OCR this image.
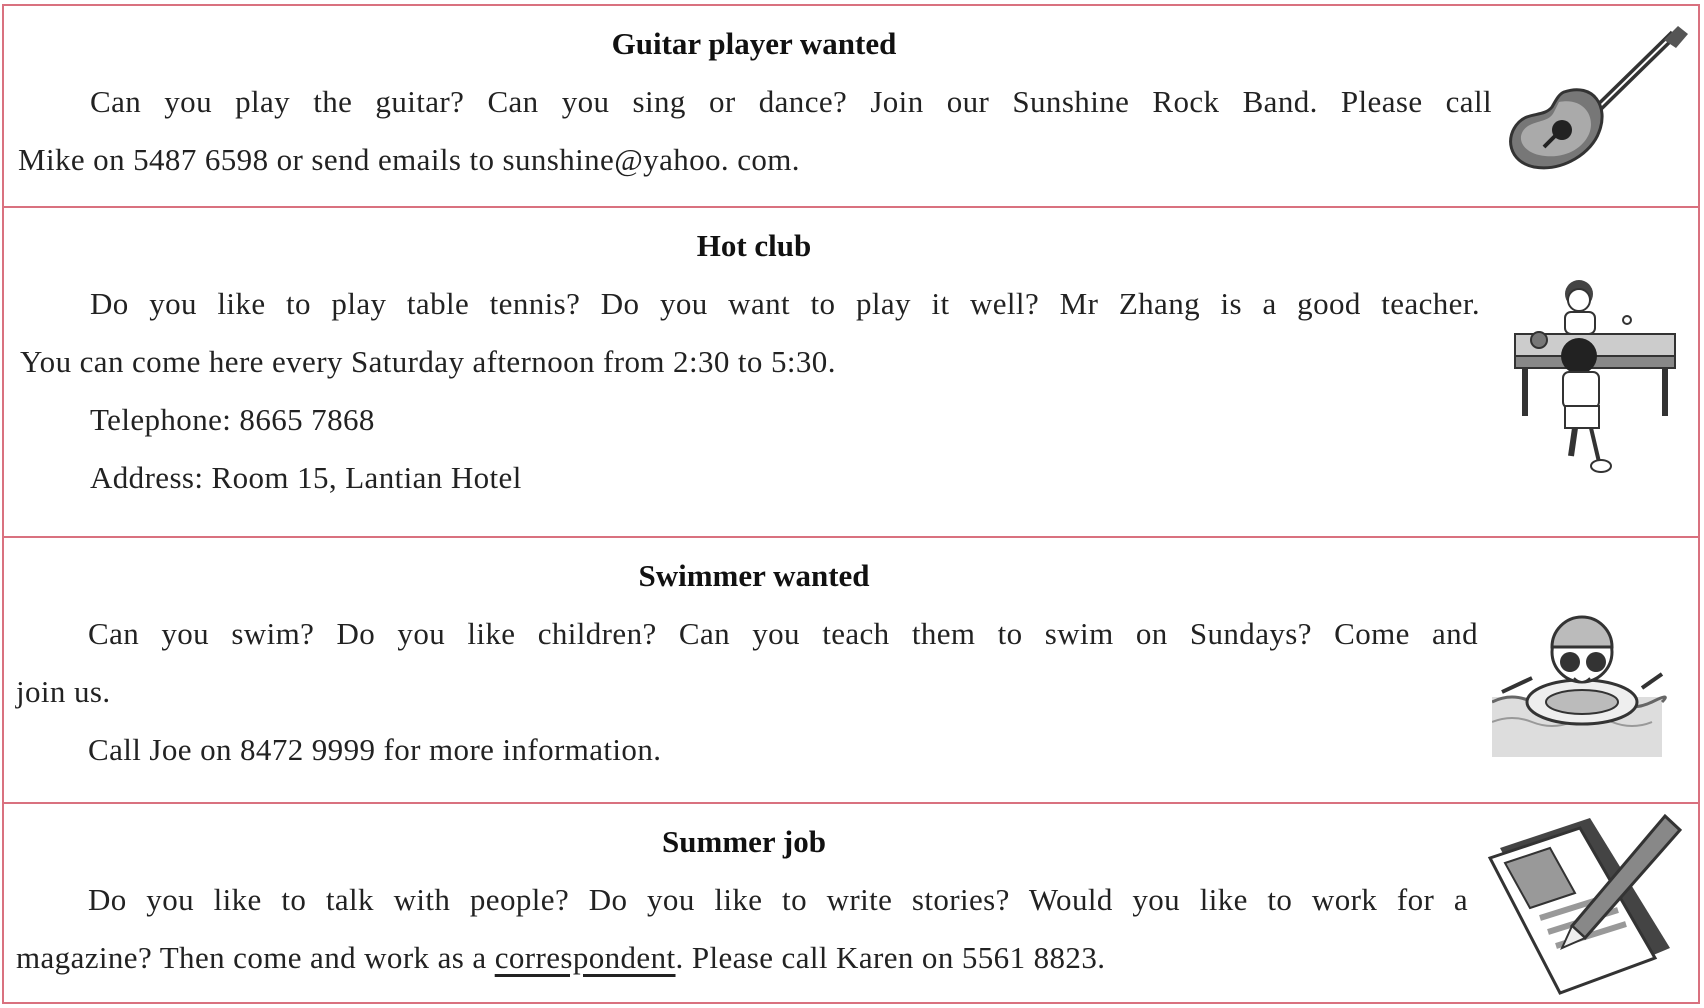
Guitar player wanted
Can you play the guitar? Can you sing or dance? Join our Sunshine Rock Band. Please call
Mike on 5487 6598 or send emails to sunshine@yahoo. com.
Hot club
Do you like to play table tennis? Do you want to play it well? Mr Zhang is a good teacher.
You can come here every Saturday afternoon from 2:30 to 5:30.
Telephone: 8665 7868
Address: Room 15, Lantian Hotel
Swimmer wanted
Can you swim? Do you like children? Can you teach them to swim on Sundays? Come and
join us.
Call Joe on 8472 9999 for more information.
Summer job
Do you like to talk with people? Do you like to write stories? Would you like to work for a
magazine? Then come and work as a correspondent. Please call Karen on 5561 8823.
